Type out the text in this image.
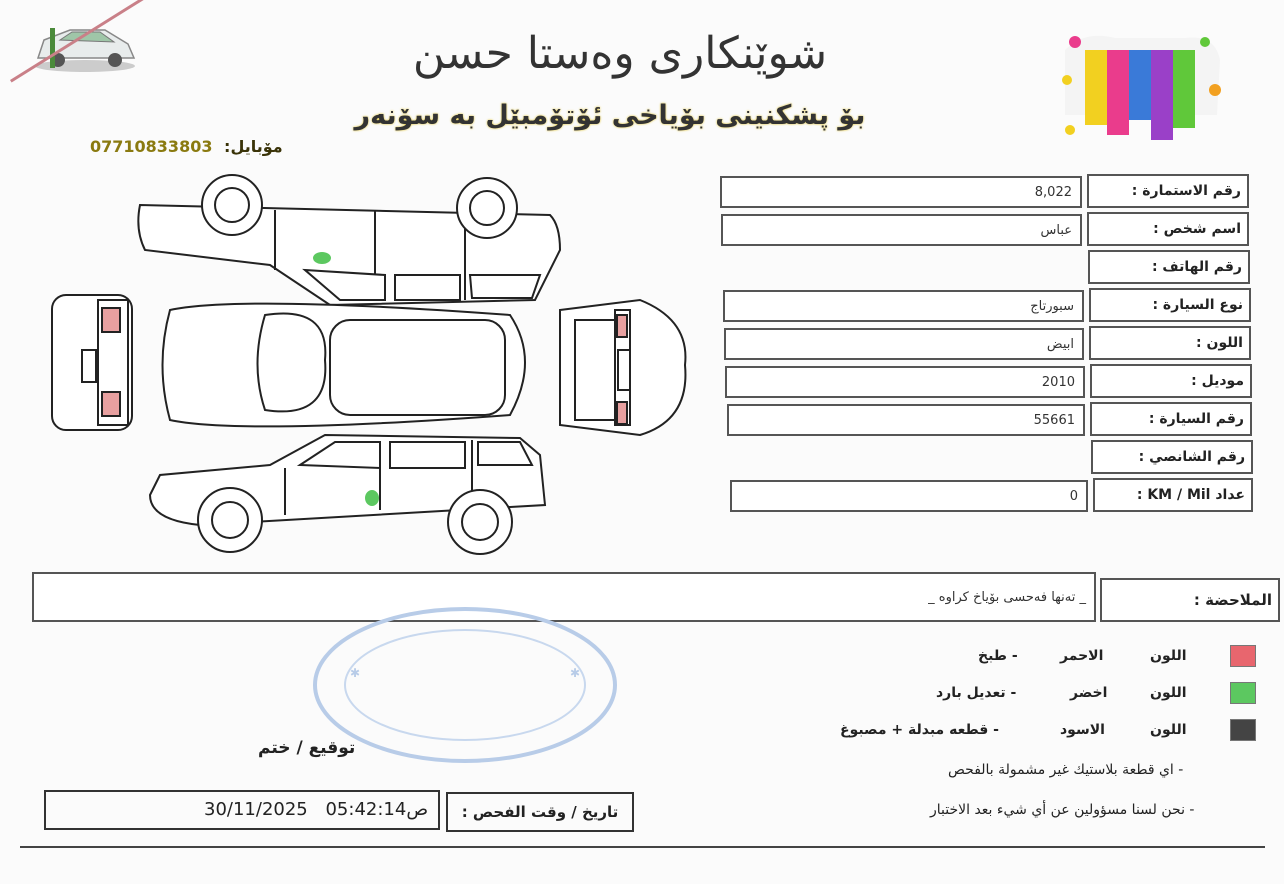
شوێنکاری وەستا حسن
بۆ پشکنینی بۆیاخی ئۆتۆمبێل بە سۆنەر
مۆبایل: 07710833803
رقم الاستمارة :
8,022
اسم شخص :
عباس
رقم الهاتف :
نوع السيارة :
سبورتاج
اللون :
ابيض
موديل :
2010
رقم السيارة :
55661
رقم الشانصي :
عداد KM / Mil :
0
الملاحضة :
_ تەنها فەحسی بۆیاخ کراوە _
✱	✱
اللون
الاحمر
- طبخ
اللون
اخضر
- تعديل بارد
اللون
الاسود
- قطعه مبدلة + مصبوغ
توقيع / ختم
- اي قطعة بلاستيك غير مشمولة بالفحص
- نحن لسنا مسؤولين عن أي شيء بعد الاختبار
30/11/2025 05:42:14ص	تاريخ / وقت الفحص :
